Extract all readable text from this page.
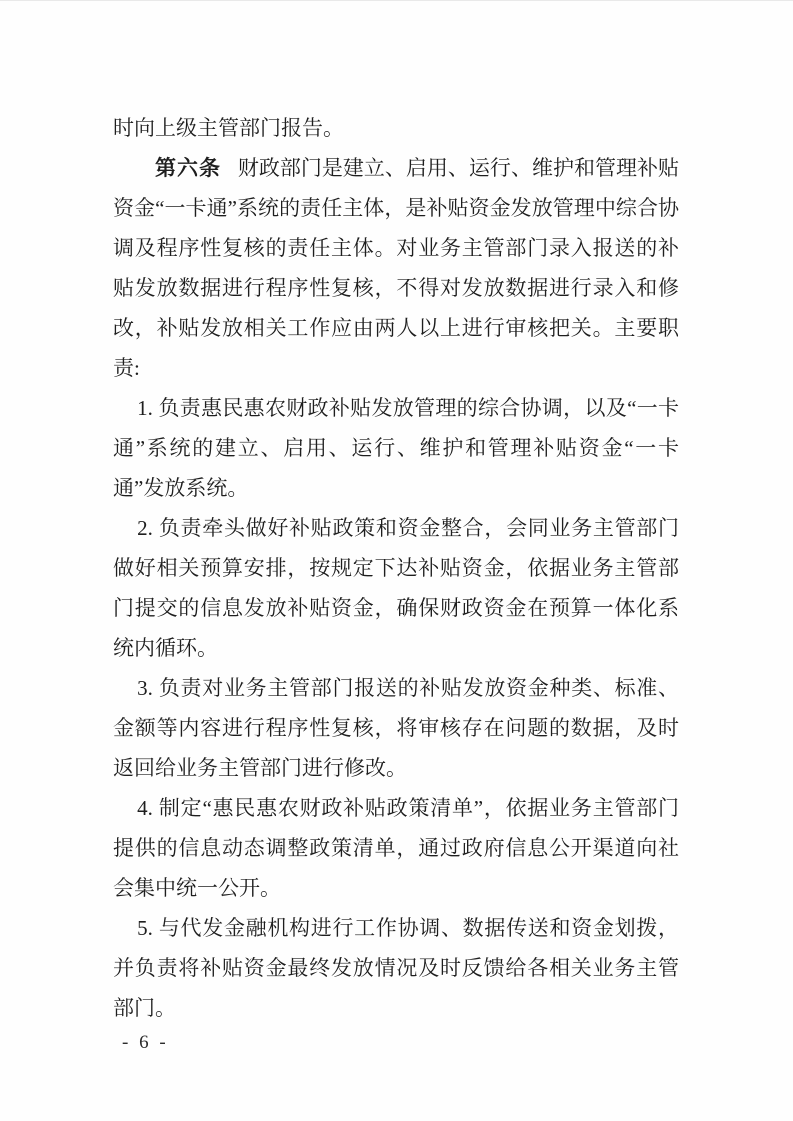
时向上级主管部门报告。

第六条 财政部门是建立、启用、运行、维护和管理补贴资金“一卡通”系统的责任主体，是补贴资金发放管理中综合协调及程序性复核的责任主体。对业务主管部门录入报送的补贴发放数据进行程序性复核，不得对发放数据进行录入和修改，补贴发放相关工作应由两人以上进行审核把关。主要职责:

1. 负责惠民惠农财政补贴发放管理的综合协调，以及“一卡通”系统的建立、启用、运行、维护和管理补贴资金“一卡通”发放系统。

2. 负责牵头做好补贴政策和资金整合，会同业务主管部门做好相关预算安排，按规定下达补贴资金，依据业务主管部门提交的信息发放补贴资金，确保财政资金在预算一体化系统内循环。

3. 负责对业务主管部门报送的补贴发放资金种类、标准、金额等内容进行程序性复核，将审核存在问题的数据，及时返回给业务主管部门进行修改。

4. 制定“惠民惠农财政补贴政策清单”，依据业务主管部门提供的信息动态调整政策清单，通过政府信息公开渠道向社会集中统一公开。

5. 与代发金融机构进行工作协调、数据传送和资金划拨，并负责将补贴资金最终发放情况及时反馈给各相关业务主管部门。

- 6 -
